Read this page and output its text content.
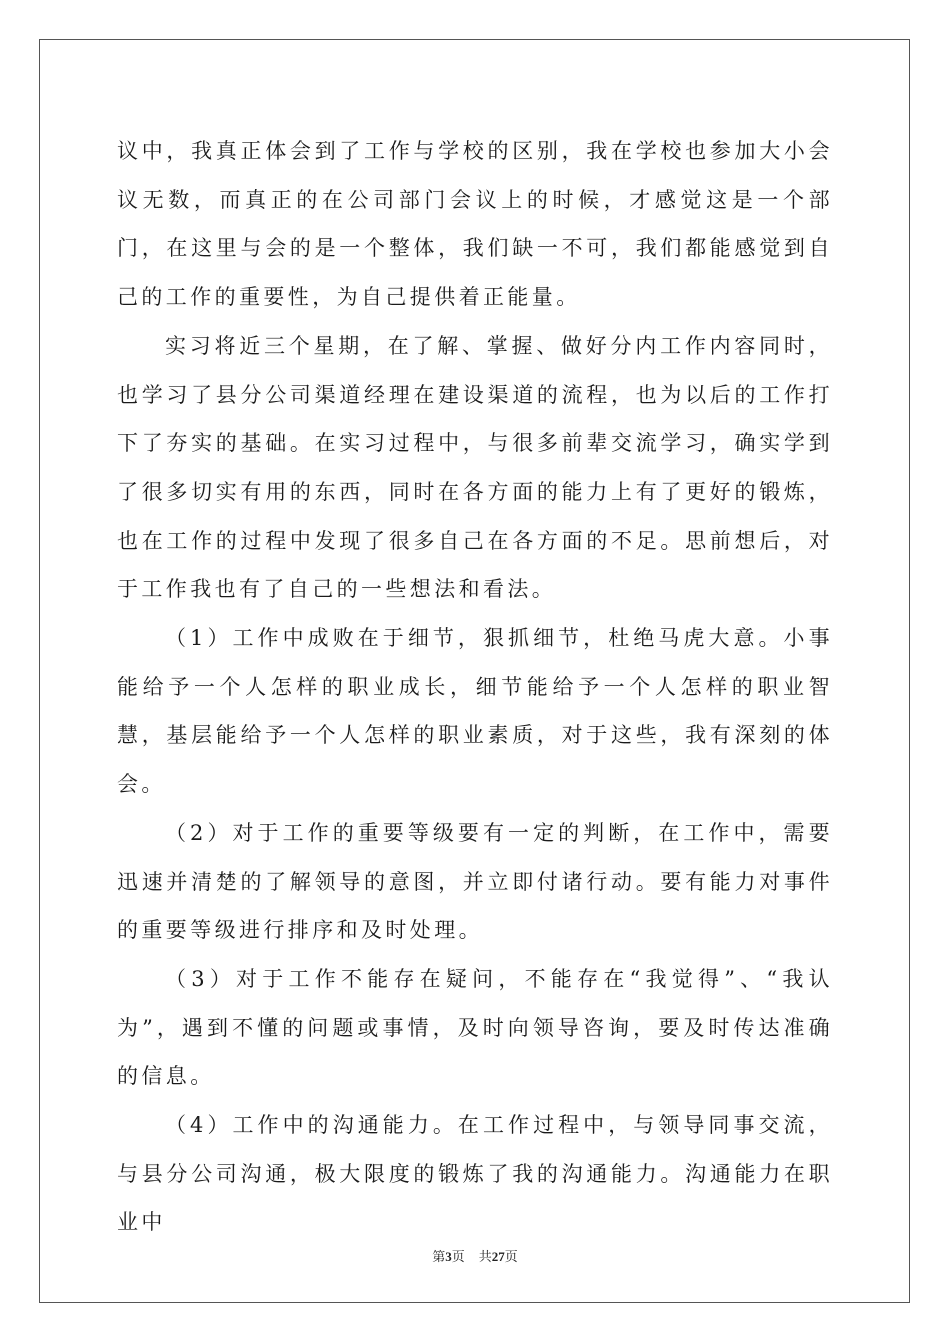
议中，我真正体会到了工作与学校的区别，我在学校也参加大小会议无数，而真正的在公司部门会议上的时候，才感觉这是一个部门，在这里与会的是一个整体，我们缺一不可，我们都能感觉到自己的工作的重要性，为自己提供着正能量。

实习将近三个星期，在了解、掌握、做好分内工作内容同时，也学习了县分公司渠道经理在建设渠道的流程，也为以后的工作打下了夯实的基础。在实习过程中，与很多前辈交流学习，确实学到了很多切实有用的东西，同时在各方面的能力上有了更好的锻炼，也在工作的过程中发现了很多自己在各方面的不足。思前想后，对于工作我也有了自己的一些想法和看法。

（1）工作中成败在于细节，狠抓细节，杜绝马虎大意。小事能给予一个人怎样的职业成长，细节能给予一个人怎样的职业智慧，基层能给予一个人怎样的职业素质，对于这些，我有深刻的体会。

（2）对于工作的重要等级要有一定的判断，在工作中，需要迅速并清楚的了解领导的意图，并立即付诸行动。要有能力对事件的重要等级进行排序和及时处理。

（3）对于工作不能存在疑问，不能存在“我觉得”、“我认为”，遇到不懂的问题或事情，及时向领导咨询，要及时传达准确的信息。

（4）工作中的沟通能力。在工作过程中，与领导同事交流，与县分公司沟通，极大限度的锻炼了我的沟通能力。沟通能力在职业中

第3页 共27页
